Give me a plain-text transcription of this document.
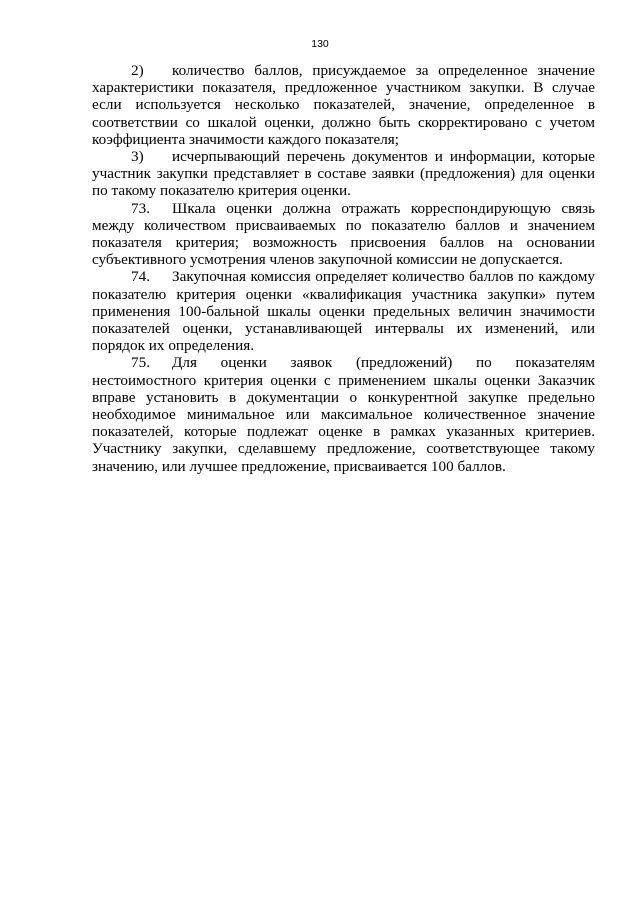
130

2) количество баллов, присуждаемое за определенное значение характеристики показателя, предложенное участником закупки. В случае если используется несколько показателей, значение, определенное в соответствии со шкалой оценки, должно быть скорректировано с учетом коэффициента значимости каждого показателя;

3) исчерпывающий перечень документов и информации, которые участник закупки представляет в составе заявки (предложения) для оценки по такому показателю критерия оценки.

73. Шкала оценки должна отражать корреспондирующую связь между количеством присваиваемых по показателю баллов и значением показателя критерия; возможность присвоения баллов на основании субъективного усмотрения членов закупочной комиссии не допускается.

74. Закупочная комиссия определяет количество баллов по каждому показателю критерия оценки «квалификация участника закупки» путем применения 100-бальной шкалы оценки предельных величин значимости показателей оценки, устанавливающей интервалы их изменений, или порядок их определения.

75. Для оценки заявок (предложений) по показателям нестоимостного критерия оценки с применением шкалы оценки Заказчик вправе установить в документации о конкурентной закупке предельно необходимое минимальное или максимальное количественное значение показателей, которые подлежат оценке в рамках указанных критериев. Участнику закупки, сделавшему предложение, соответствующее такому значению, или лучшее предложение, присваивается 100 баллов.
